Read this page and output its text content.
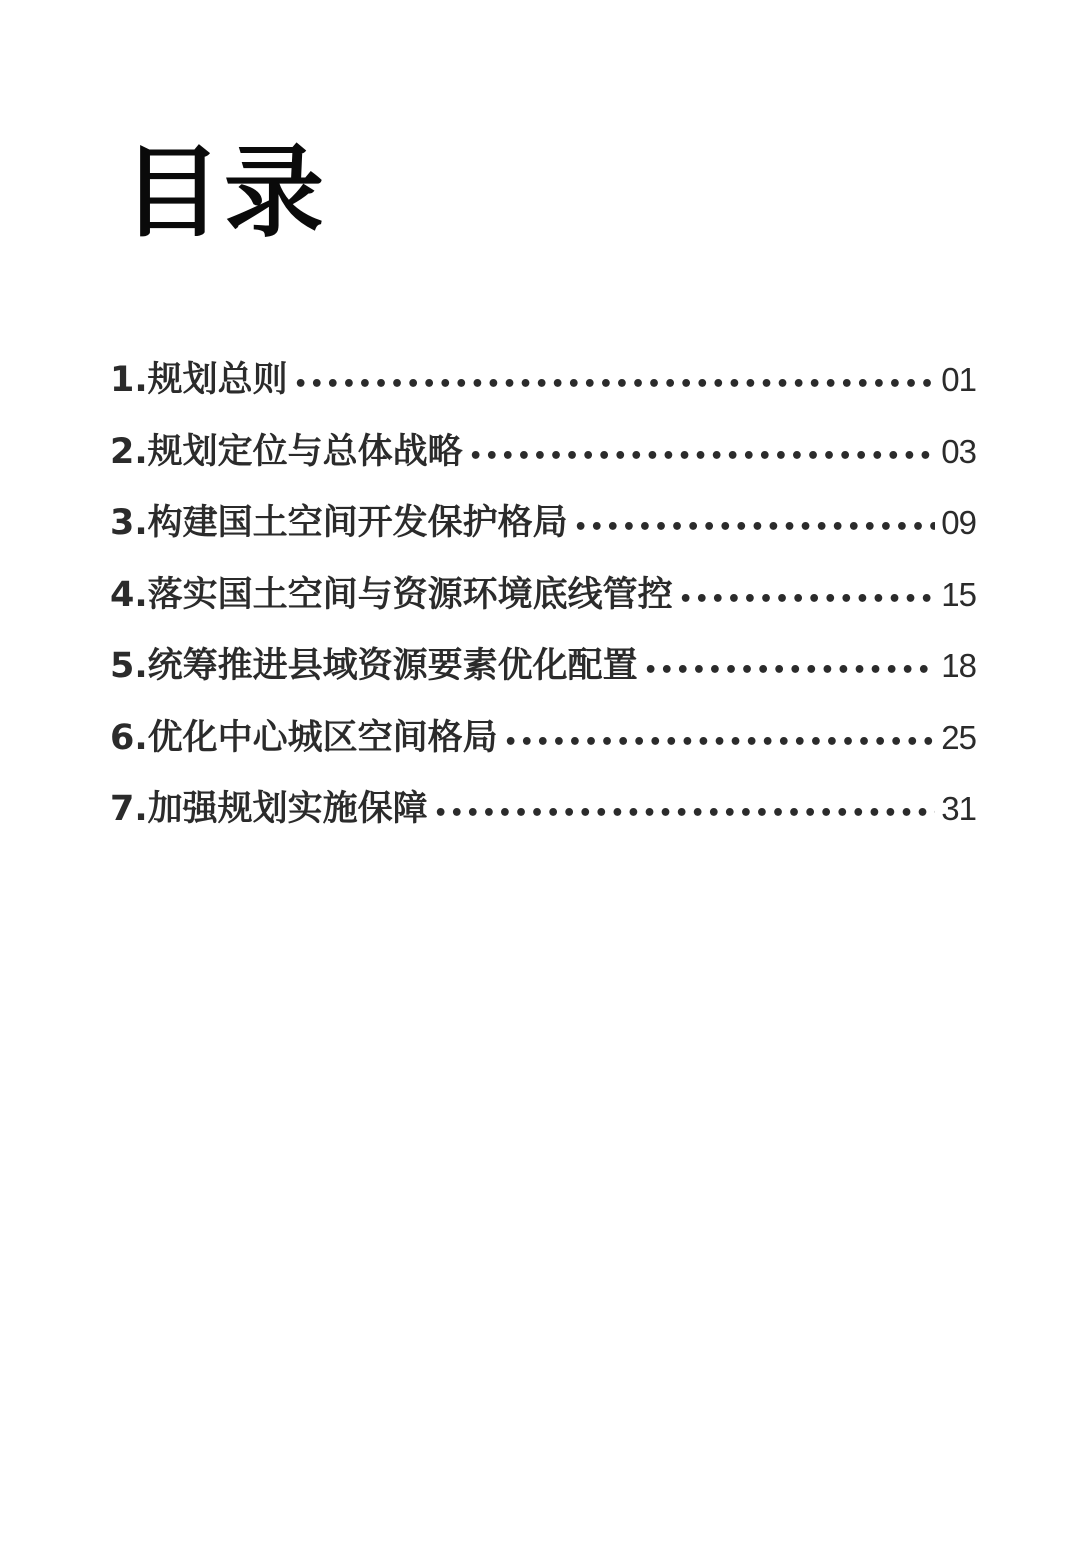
目录
1.规划总则 •••••	01
2.规划定位与总体战略 •••••	03
3.构建国土空间开发保护格局 •••••	09
4.落实国土空间与资源环境底线管控 •••••	15
5.统筹推进县域资源要素优化配置 •••••	18
6.优化中心城区空间格局 •••••	25
7.加强规划实施保障 •••••	31
